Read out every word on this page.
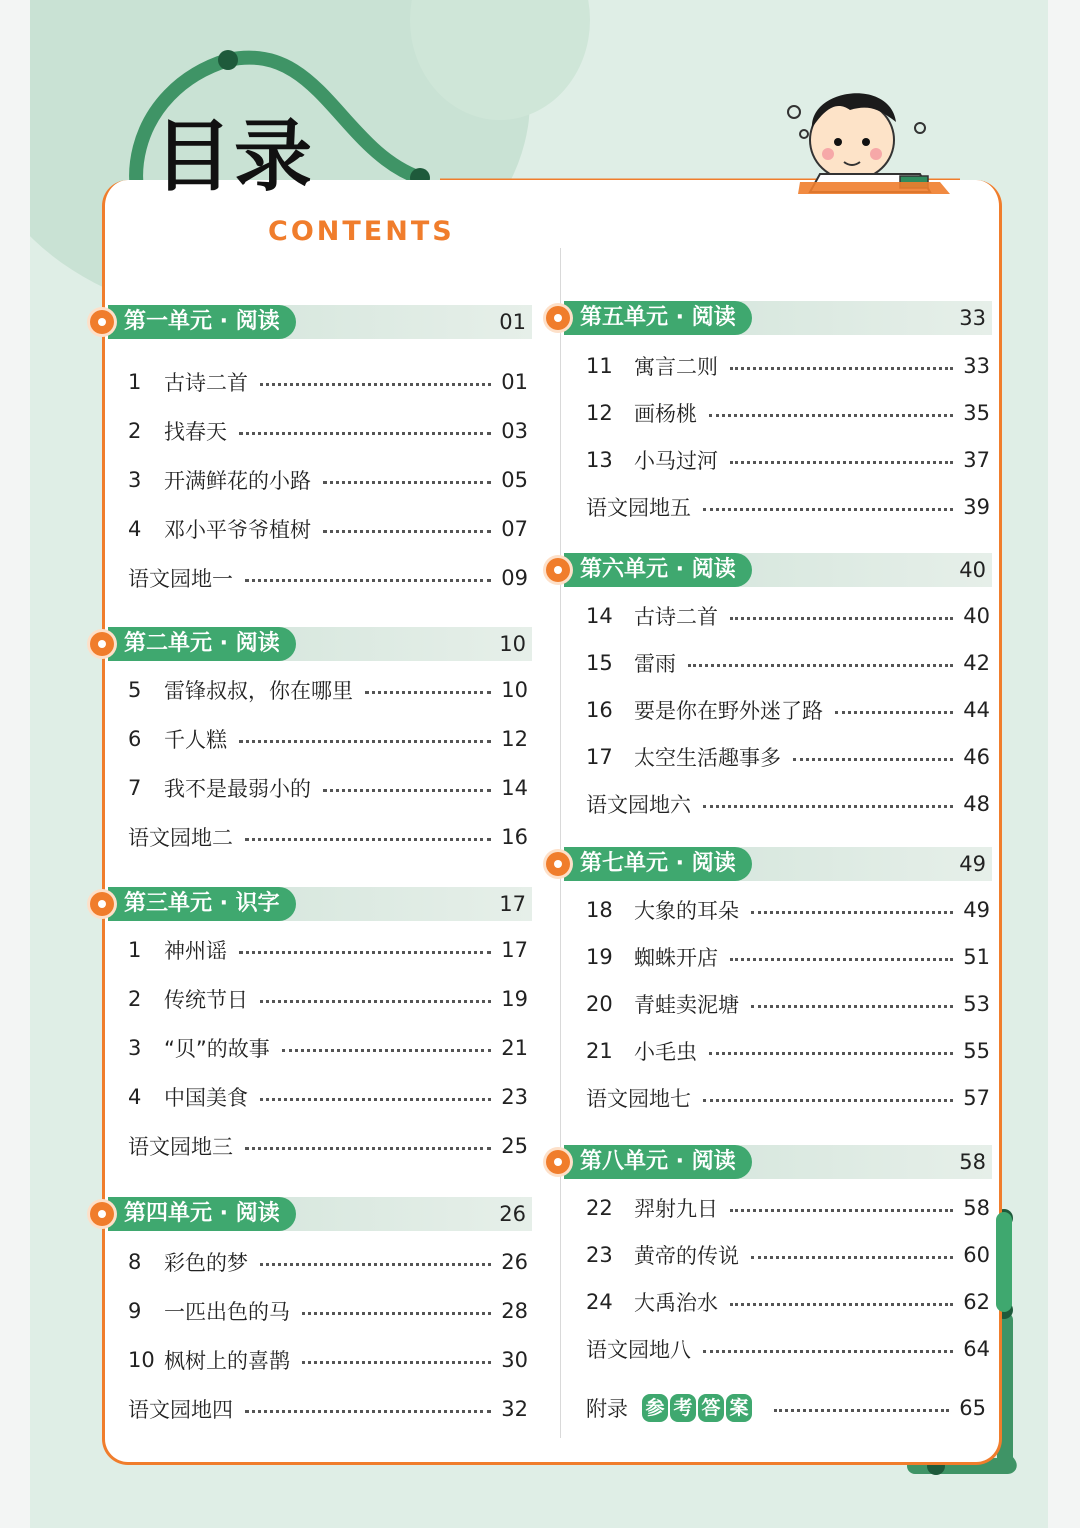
目录
CONTENTS
附录 参 考 答 案	65
第一单元 · 阅读	01
1	古诗二首	01
2	找春天	03
3	开满鲜花的小路	05
4	邓小平爷爷植树	07
语文园地一	09
第二单元 · 阅读	10
5	雷锋叔叔，你在哪里	10
6	千人糕	12
7	我不是最弱小的	14
语文园地二	16
第三单元 · 识字	17
1	神州谣	17
2	传统节日	19
3	“贝”的故事	21
4	中国美食	23
语文园地三	25
第四单元 · 阅读	26
8	彩色的梦	26
9	一匹出色的马	28
10 枫树上的喜鹊	30
语文园地四	32
第五单元 · 阅读	33
11	寓言二则	33
12	画杨桃	35
13	小马过河	37
语文园地五	39
第六单元 · 阅读	40
14	古诗二首	40
15	雷雨	42
16	要是你在野外迷了路	44
17	太空生活趣事多	46
语文园地六	48
第七单元 · 阅读	49
18	大象的耳朵	49
19	蜘蛛开店	51
20	青蛙卖泥塘	53
21	小毛虫	55
语文园地七	57
第八单元 · 阅读	58
22	羿射九日	58
23	黄帝的传说	60
24	大禹治水	62
语文园地八	64
